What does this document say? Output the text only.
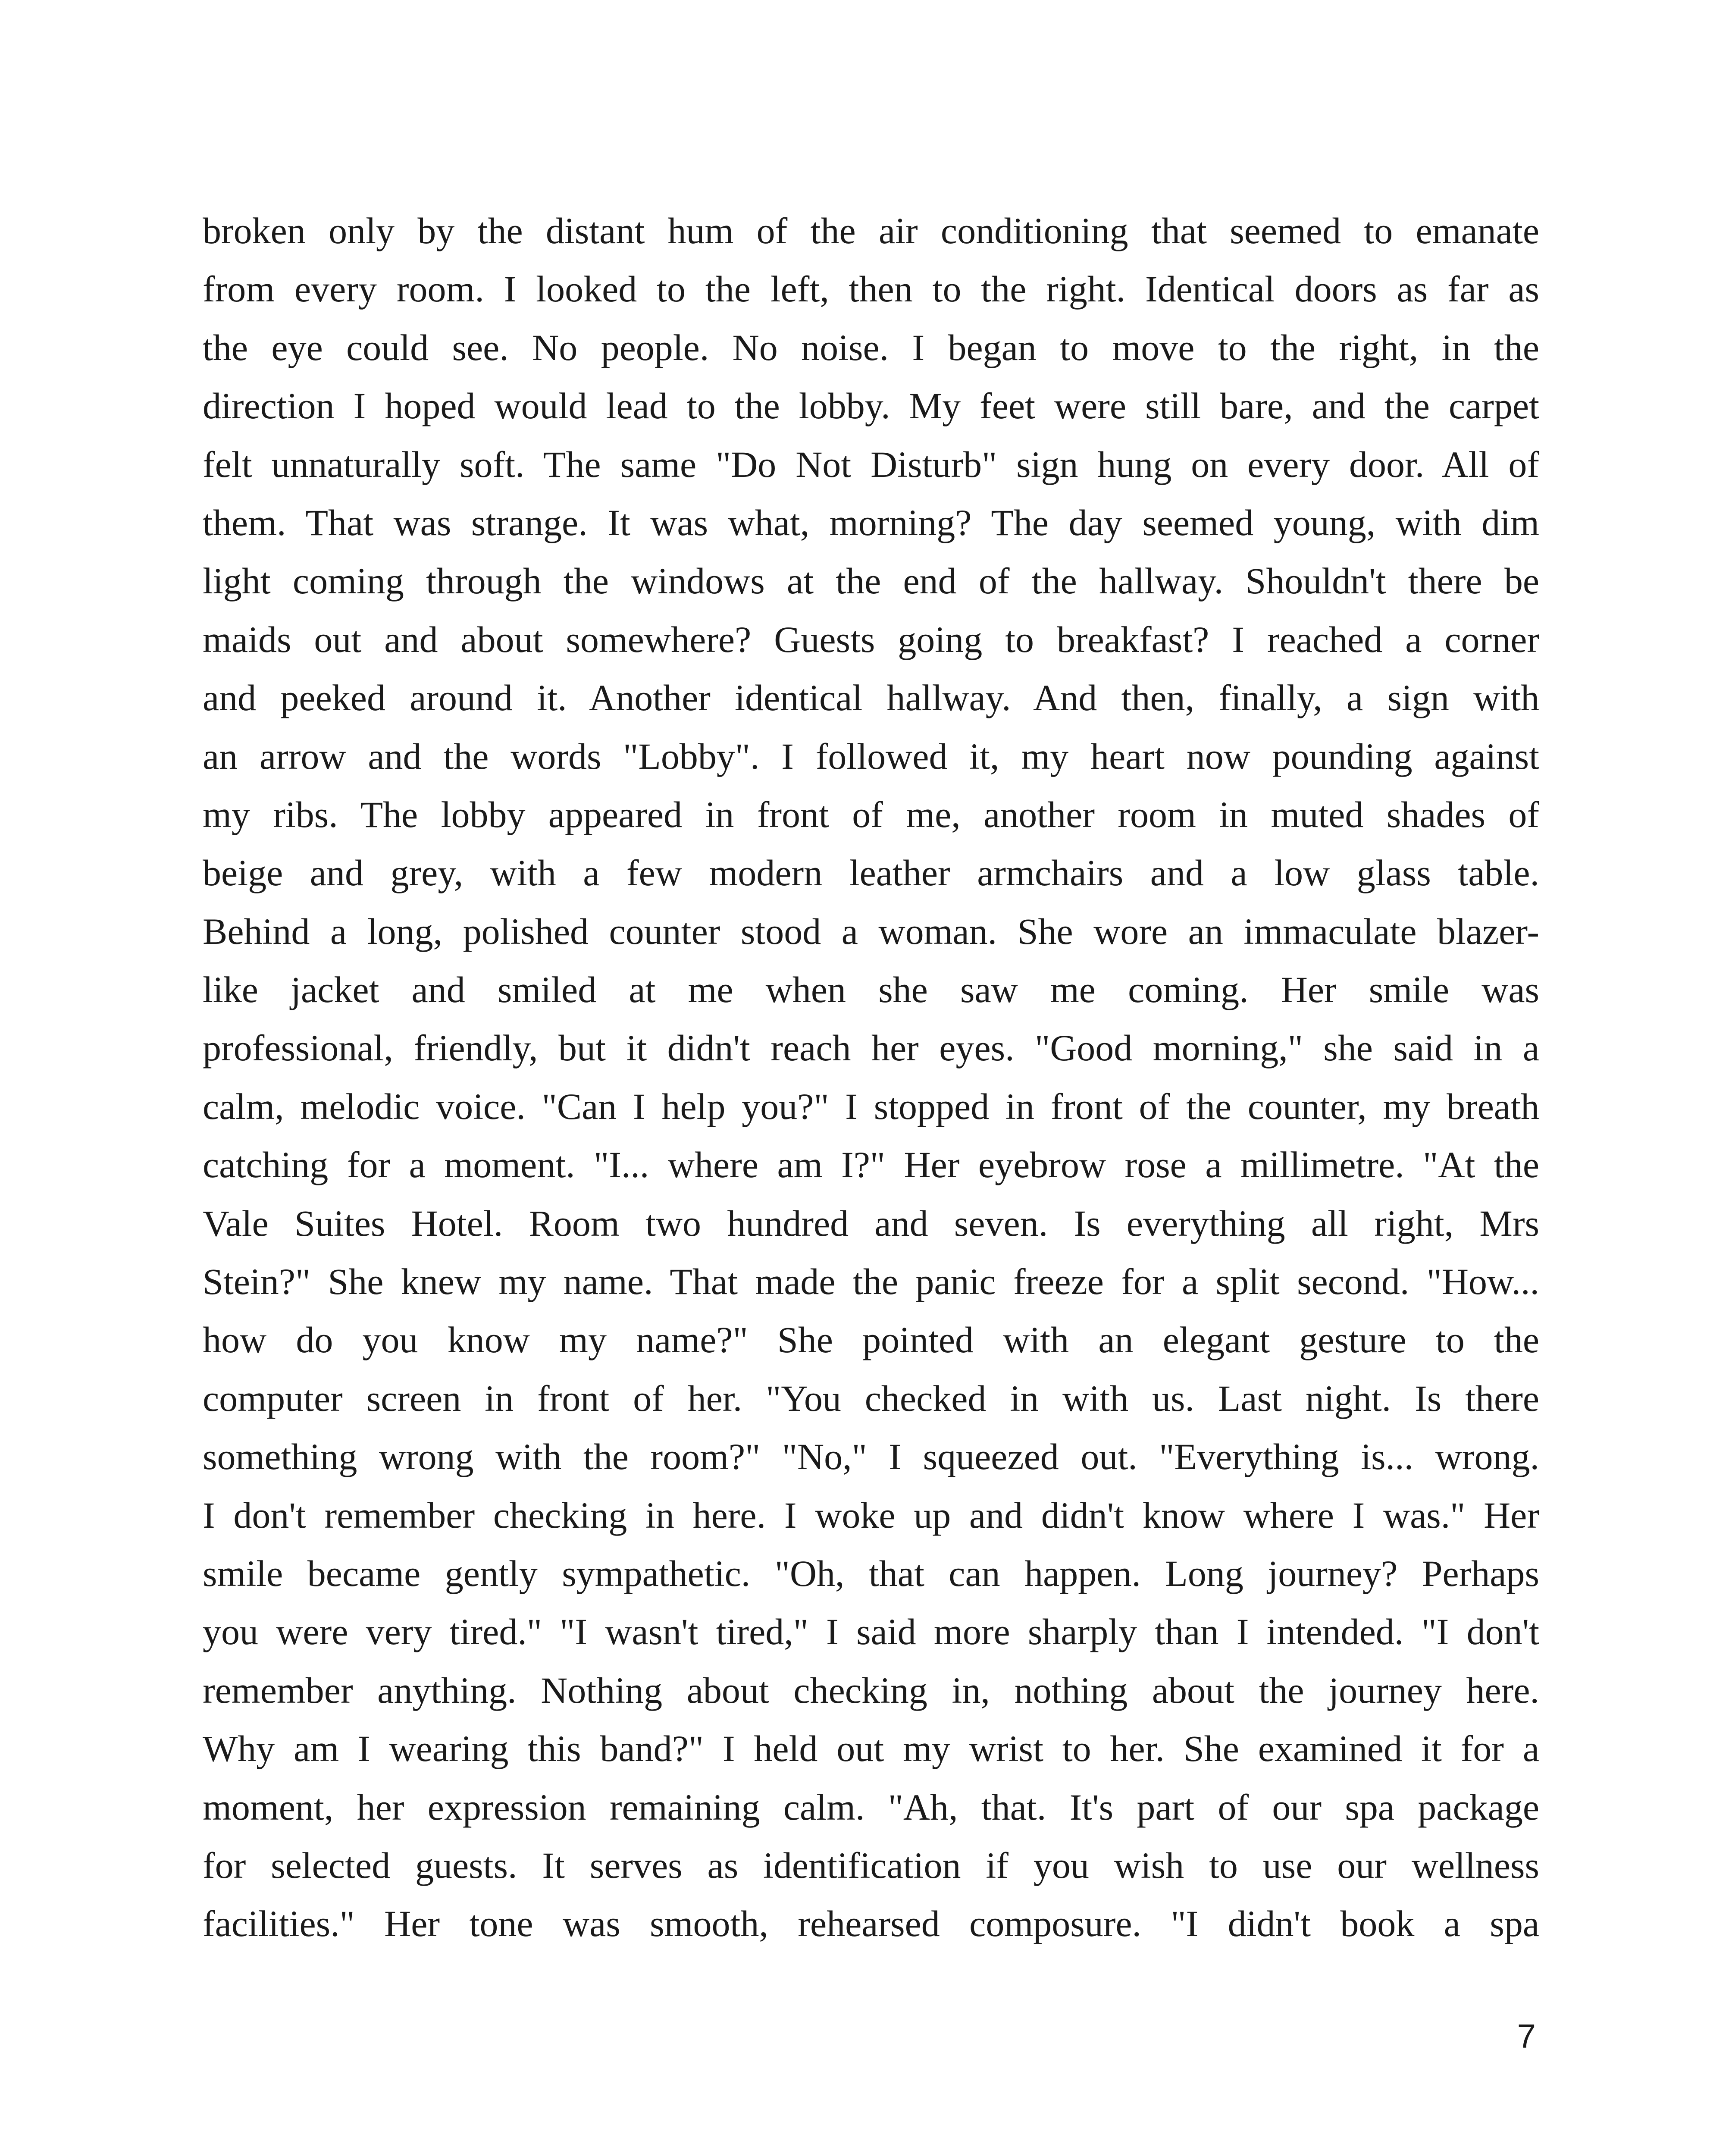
broken only by the distant hum of the air conditioning that seemed to emanate
from every room. I looked to the left, then to the right. Identical doors as far as
the eye could see. No people. No noise. I began to move to the right, in the
direction I hoped would lead to the lobby. My feet were still bare, and the carpet
felt unnaturally soft. The same "Do Not Disturb" sign hung on every door. All of
them. That was strange. It was what, morning? The day seemed young, with dim
light coming through the windows at the end of the hallway. Shouldn't there be
maids out and about somewhere? Guests going to breakfast? I reached a corner
and peeked around it. Another identical hallway. And then, finally, a sign with
an arrow and the words "Lobby". I followed it, my heart now pounding against
my ribs. The lobby appeared in front of me, another room in muted shades of
beige and grey, with a few modern leather armchairs and a low glass table.
Behind a long, polished counter stood a woman. She wore an immaculate blazer-
like jacket and smiled at me when she saw me coming. Her smile was
professional, friendly, but it didn't reach her eyes. "Good morning," she said in a
calm, melodic voice. "Can I help you?" I stopped in front of the counter, my breath
catching for a moment. "I... where am I?" Her eyebrow rose a millimetre. "At the
Vale Suites Hotel. Room two hundred and seven. Is everything all right, Mrs
Stein?" She knew my name. That made the panic freeze for a split second. "How...
how do you know my name?" She pointed with an elegant gesture to the
computer screen in front of her. "You checked in with us. Last night. Is there
something wrong with the room?" "No," I squeezed out. "Everything is... wrong.
I don't remember checking in here. I woke up and didn't know where I was." Her
smile became gently sympathetic. "Oh, that can happen. Long journey? Perhaps
you were very tired." "I wasn't tired," I said more sharply than I intended. "I don't
remember anything. Nothing about checking in, nothing about the journey here.
Why am I wearing this band?" I held out my wrist to her. She examined it for a
moment, her expression remaining calm. "Ah, that. It's part of our spa package
for selected guests. It serves as identification if you wish to use our wellness
facilities." Her tone was smooth, rehearsed composure. "I didn't book a spa
7
